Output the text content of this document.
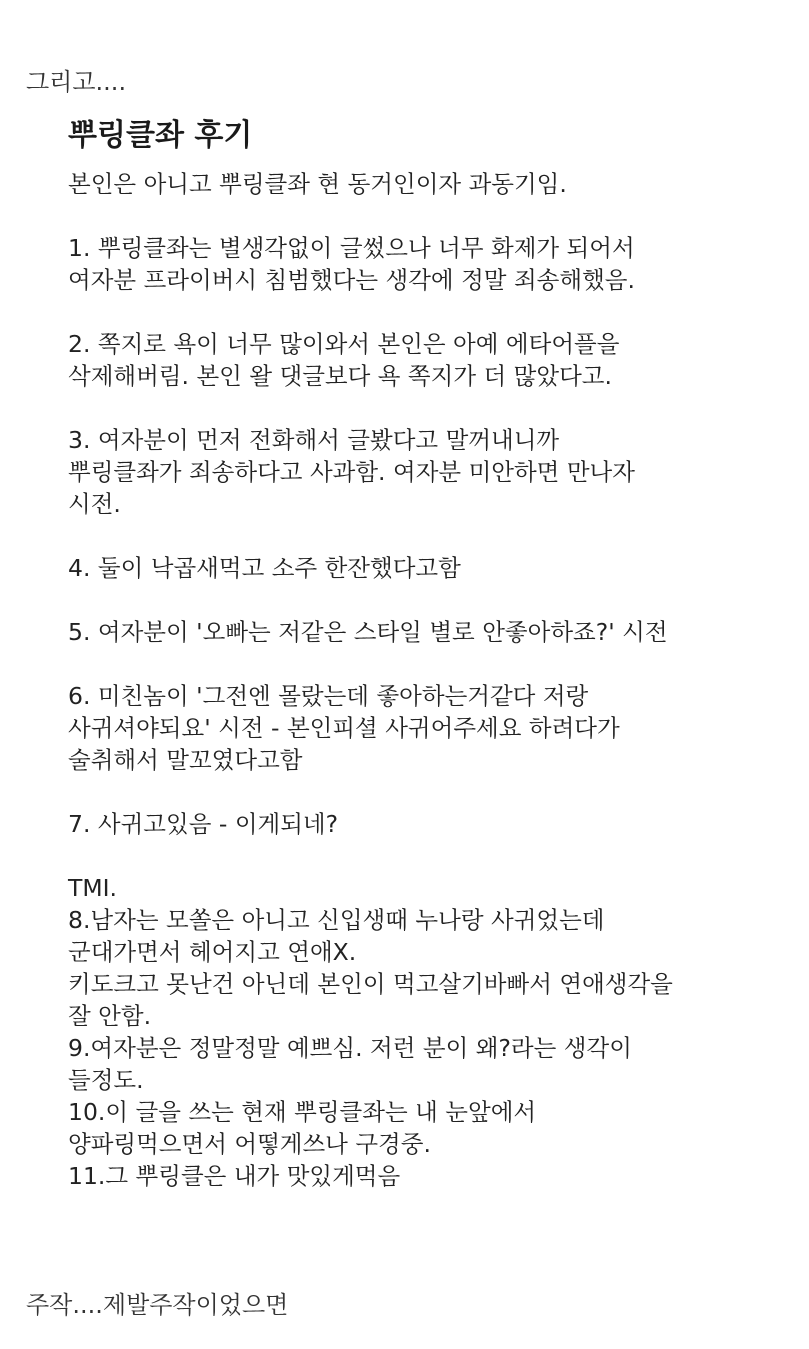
그리고....
뿌링클좌 후기
본인은 아니고 뿌링클좌 현 동거인이자 과동기임.
1. 뿌링클좌는 별생각없이 글썼으나 너무 화제가 되어서
여자분 프라이버시 침범했다는 생각에 정말 죄송해했음.
2. 쪽지로 욕이 너무 많이와서 본인은 아예 에타어플을
삭제해버림. 본인 왈 댓글보다 욕 쪽지가 더 많았다고.
3. 여자분이 먼저 전화해서 글봤다고 말꺼내니까
뿌링클좌가 죄송하다고 사과함. 여자분 미안하면 만나자
시전.
4. 둘이 낙곱새먹고 소주 한잔했다고함
5. 여자분이 '오빠는 저같은 스타일 별로 안좋아하죠?' 시전
6. 미친놈이 '그전엔 몰랐는데 좋아하는거같다 저랑
사귀셔야되요' 시전 - 본인피셜 사귀어주세요 하려다가
술취해서 말꼬였다고함
7. 사귀고있음 - 이게되네?
TMI.
8.남자는 모쏠은 아니고 신입생때 누나랑 사귀었는데
군대가면서 헤어지고 연애X.
키도크고 못난건 아닌데 본인이 먹고살기바빠서 연애생각을
잘 안함.
9.여자분은 정말정말 예쁘심. 저런 분이 왜?라는 생각이
들정도.
10.이 글을 쓰는 현재 뿌링클좌는 내 눈앞에서
양파링먹으면서 어떻게쓰나 구경중.
11.그 뿌링클은 내가 맛있게먹음
주작....제발주작이었으면
